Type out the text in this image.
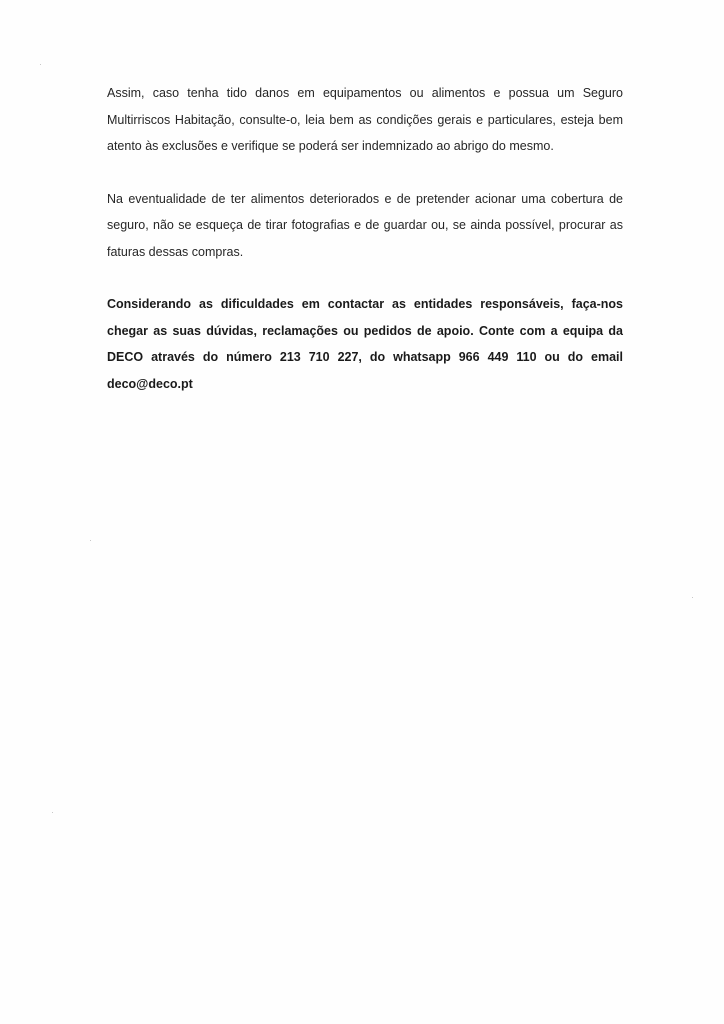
Assim, caso tenha tido danos em equipamentos ou alimentos e possua um Seguro Multirriscos Habitação, consulte-o, leia bem as condições gerais e particulares, esteja bem atento às exclusões e verifique se poderá ser indemnizado ao abrigo do mesmo.

Na eventualidade de ter alimentos deteriorados e de pretender acionar uma cobertura de seguro, não se esqueça de tirar fotografias e de guardar ou, se ainda possível, procurar as faturas dessas compras.

Considerando as dificuldades em contactar as entidades responsáveis, faça-nos chegar as suas dúvidas, reclamações ou pedidos de apoio. Conte com a equipa da DECO através do número 213 710 227, do whatsapp 966 449 110 ou do email deco@deco.pt
